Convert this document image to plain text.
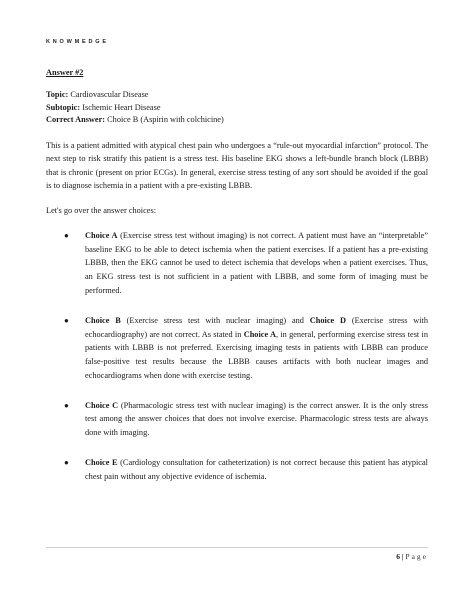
KNOWMEDGE

Answer #2

Topic: Cardiovascular Disease

Subtopic: Ischemic Heart Disease

Correct Answer: Choice B (Aspirin with colchicine)

This is a patient admitted with atypical chest pain who undergoes a “rule-out myocardial infarction” protocol. The next step to risk stratify this patient is a stress test. His baseline EKG shows a left-bundle branch block (LBBB) that is chronic (present on prior ECGs). In general, exercise stress testing of any sort should be avoided if the goal is to diagnose ischemia in a patient with a pre-existing LBBB.

Let's go over the answer choices:

● Choice A (Exercise stress test without imaging) is not correct. A patient must have an “interpretable” baseline EKG to be able to detect ischemia when the patient exercises. If a patient has a pre-existing LBBB, then the EKG cannot be used to detect ischemia that develops when a patient exercises. Thus, an EKG stress test is not sufficient in a patient with LBBB, and some form of imaging must be performed.
● Choice B (Exercise stress test with nuclear imaging) and Choice D (Exercise stress with echocardiography) are not correct. As stated in Choice A, in general, performing exercise stress test in patients with LBBB is not preferred. Exercising imaging tests in patients with LBBB can produce false-positive test results because the LBBB causes artifacts with both nuclear images and echocardiograms when done with exercise testing.
● Choice C (Pharmacologic stress test with nuclear imaging) is the correct answer. It is the only stress test among the answer choices that does not involve exercise. Pharmacologic stress tests are always done with imaging.
● Choice E (Cardiology consultation for catheterization) is not correct because this patient has atypical chest pain without any objective evidence of ischemia.
6 | Page
